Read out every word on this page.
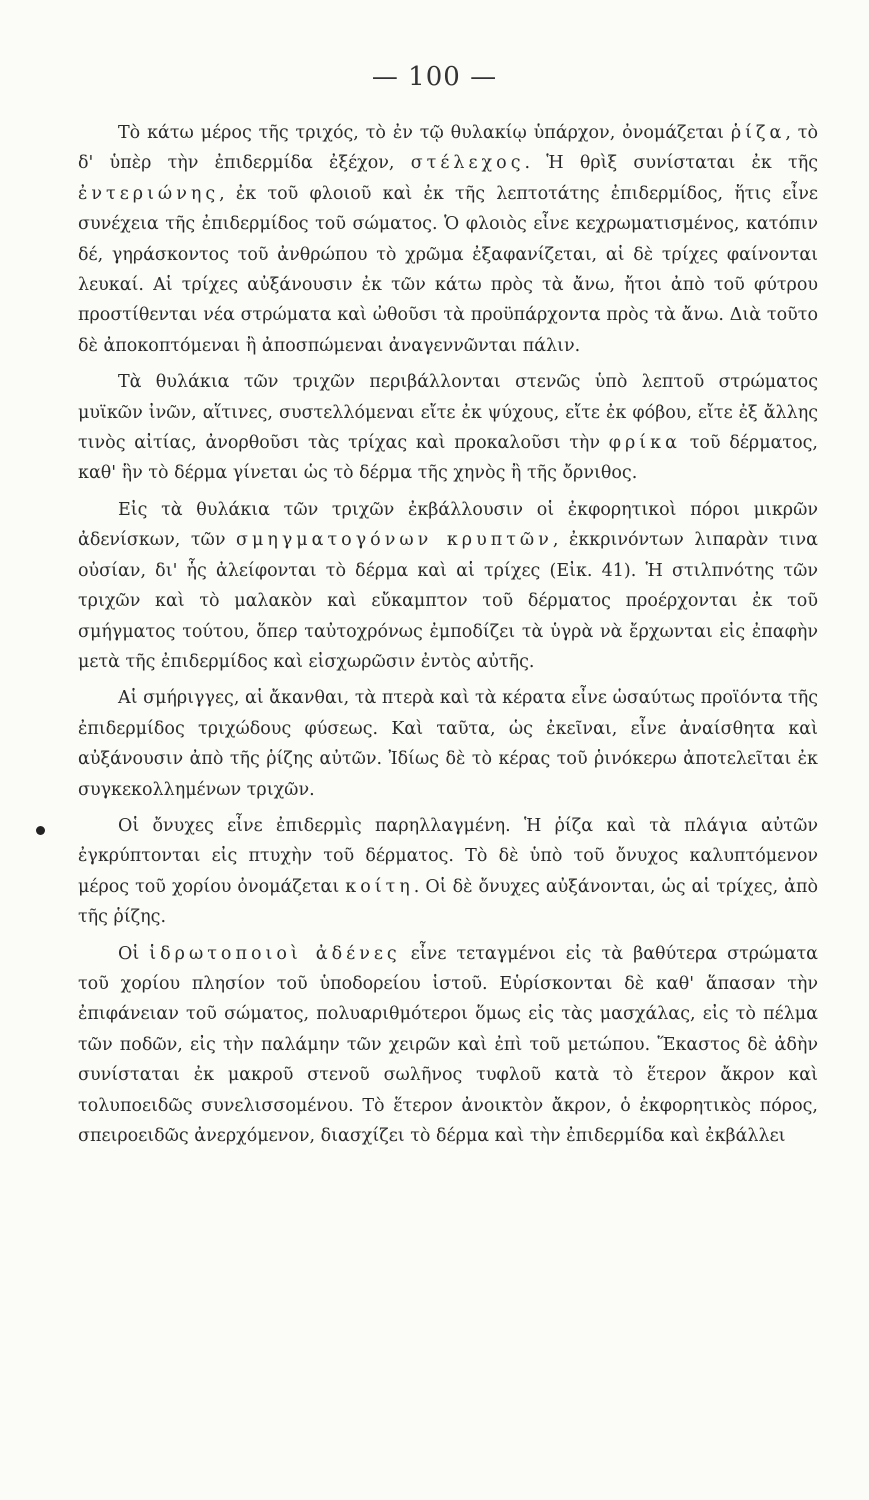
— 100 —

Τὸ κάτω μέρος τῆς τριχός, τὸ ἐν τῷ θυλακίῳ ὑπάρχον, ὀνομάζεται ῥίζα, τὸ δ' ὑπὲρ τὴν ἐπιδερμίδα ἐξέχον, στέλεχος. Ἡ θρὶξ συνίσταται ἐκ τῆς ἐντεριώνης, ἐκ τοῦ φλοιοῦ καὶ ἐκ τῆς λεπτοτάτης ἐπιδερμίδος, ἥτις εἶνε συνέχεια τῆς ἐπιδερμίδος τοῦ σώματος. Ὁ φλοιὸς εἶνε κεχρωματισμένος, κατόπιν δέ, γηράσκοντος τοῦ ἀνθρώπου τὸ χρῶμα ἐξαφανίζεται, αἱ δὲ τρίχες φαίνονται λευκαί. Αἱ τρίχες αὐξάνουσιν ἐκ τῶν κάτω πρὸς τὰ ἄνω, ἤτοι ἀπὸ τοῦ φύτρου προστίθενται νέα στρώματα καὶ ὠθοῦσι τὰ προϋπάρχοντα πρὸς τὰ ἄνω. Διὰ τοῦτο δὲ ἀποκοπτόμεναι ἢ ἀποσπώμεναι ἀναγεννῶνται πάλιν.

Τὰ θυλάκια τῶν τριχῶν περιβάλλονται στενῶς ὑπὸ λεπτοῦ στρώματος μυϊκῶν ἰνῶν, αἵτινες, συστελλόμεναι εἴτε ἐκ ψύχους, εἴτε ἐκ φόβου, εἴτε ἐξ ἄλλης τινὸς αἰτίας, ἀνορθοῦσι τὰς τρίχας καὶ προκαλοῦσι τὴν φρίκα τοῦ δέρματος, καθ' ἣν τὸ δέρμα γίνεται ὡς τὸ δέρμα τῆς χηνὸς ἢ τῆς ὄρνιθος.

Εἰς τὰ θυλάκια τῶν τριχῶν ἐκβάλλουσιν οἱ ἐκφορητικοὶ πόροι μικρῶν ἀδενίσκων, τῶν σμηγματογόνων κρυπτῶν, ἐκκρινόντων λιπαρὰν τινα οὐσίαν, δι' ἧς ἀλείφονται τὸ δέρμα καὶ αἱ τρίχες (Εἰκ. 41). Ἡ στιλπνότης τῶν τριχῶν καὶ τὸ μαλακὸν καὶ εὔκαμπτον τοῦ δέρματος προέρχονται ἐκ τοῦ σμήγματος τούτου, ὅπερ ταὐτοχρόνως ἐμποδίζει τὰ ὑγρὰ νὰ ἔρχωνται εἰς ἐπαφὴν μετὰ τῆς ἐπιδερμίδος καὶ εἰσχωρῶσιν ἐντὸς αὐτῆς.

Αἱ σμήριγγες, αἱ ἄκανθαι, τὰ πτερὰ καὶ τὰ κέρατα εἶνε ὡσαύτως προϊόντα τῆς ἐπιδερμίδος τριχώδους φύσεως. Καὶ ταῦτα, ὡς ἐκεῖναι, εἶνε ἀναίσθητα καὶ αὐξάνουσιν ἀπὸ τῆς ῥίζης αὐτῶν. Ἰδίως δὲ τὸ κέρας τοῦ ῥινόκερω ἀποτελεῖται ἐκ συγκεκολλημένων τριχῶν.

Οἱ ὄνυχες εἶνε ἐπιδερμὶς παρηλλαγμένη. Ἡ ῥίζα καὶ τὰ πλάγια αὐτῶν ἐγκρύπτονται εἰς πτυχὴν τοῦ δέρματος. Τὸ δὲ ὑπὸ τοῦ ὄνυχος καλυπτόμενον μέρος τοῦ χορίου ὀνομάζεται κοίτη. Οἱ δὲ ὄνυχες αὐξάνονται, ὡς αἱ τρίχες, ἀπὸ τῆς ῥίζης.

Οἱ ἱδρωτοποιοὶ ἀδένες εἶνε τεταγμένοι εἰς τὰ βαθύτερα στρώματα τοῦ χορίου πλησίον τοῦ ὑποδορείου ἱστοῦ. Εὑρίσκονται δὲ καθ' ἅπασαν τὴν ἐπιφάνειαν τοῦ σώματος, πολυαριθμότεροι ὅμως εἰς τὰς μασχάλας, εἰς τὸ πέλμα τῶν ποδῶν, εἰς τὴν παλάμην τῶν χειρῶν καὶ ἐπὶ τοῦ μετώπου. Ἕκαστος δὲ ἀδὴν συνίσταται ἐκ μακροῦ στενοῦ σωλῆνος τυφλοῦ κατὰ τὸ ἕτερον ἄκρον καὶ τολυποειδῶς συνελισσομένου. Τὸ ἕτερον ἀνοικτὸν ἄκρον, ὁ ἐκφορητικὸς πόρος, σπειροειδῶς ἀνερχόμενον, διασχίζει τὸ δέρμα καὶ τὴν ἐπιδερμίδα καὶ ἐκβάλλει
